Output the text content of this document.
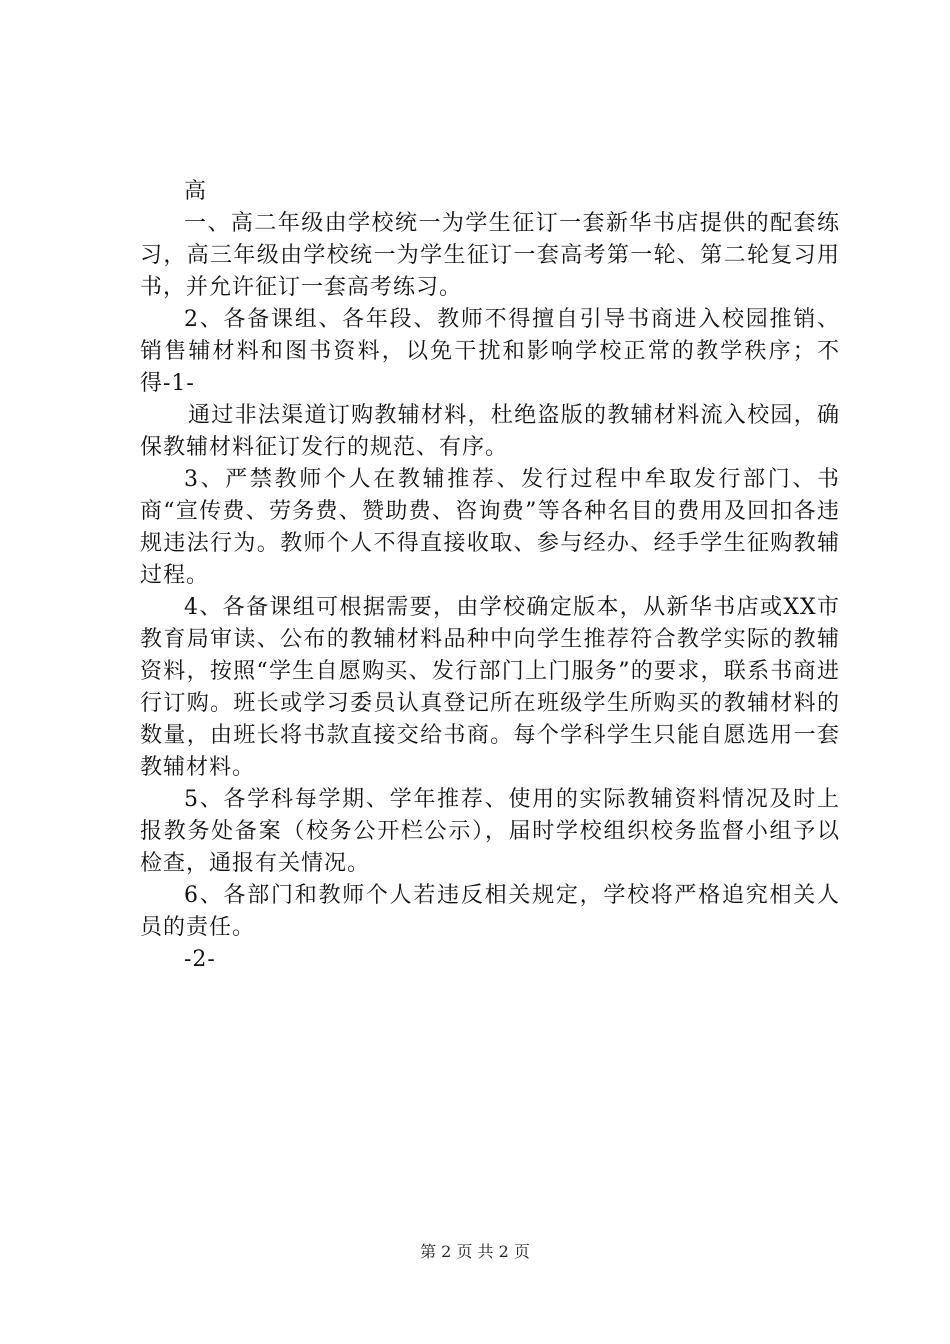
高

一、高二年级由学校统一为学生征订一套新华书店提供的配套练习，高三年级由学校统一为学生征订一套高考第一轮、第二轮复习用书，并允许征订一套高考练习。

2、各备课组、各年段、教师不得擅自引导书商进入校园推销、销售辅材料和图书资料，以免干扰和影响学校正常的教学秩序；不得-1-

通过非法渠道订购教辅材料，杜绝盗版的教辅材料流入校园，确保教辅材料征订发行的规范、有序。

3、严禁教师个人在教辅推荐、发行过程中牟取发行部门、书商“宣传费、劳务费、赞助费、咨询费”等各种名目的费用及回扣各违规违法行为。教师个人不得直接收取、参与经办、经手学生征购教辅过程。

4、各备课组可根据需要，由学校确定版本，从新华书店或XX市教育局审读、公布的教辅材料品种中向学生推荐符合教学实际的教辅资料，按照“学生自愿购买、发行部门上门服务”的要求，联系书商进行订购。班长或学习委员认真登记所在班级学生所购买的教辅材料的数量，由班长将书款直接交给书商。每个学科学生只能自愿选用一套教辅材料。

5、各学科每学期、学年推荐、使用的实际教辅资料情况及时上报教务处备案（校务公开栏公示），届时学校组织校务监督小组予以检查，通报有关情况。

6、各部门和教师个人若违反相关规定，学校将严格追究相关人员的责任。

-2-

第 2 页 共 2 页
